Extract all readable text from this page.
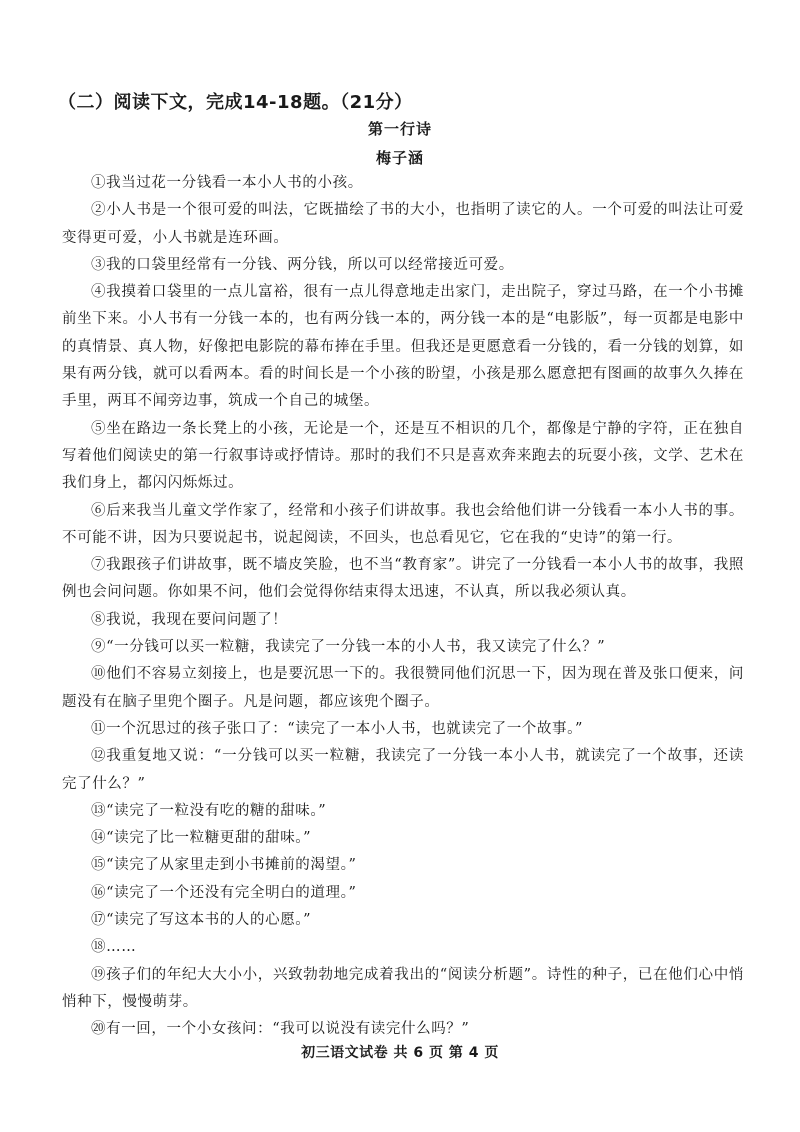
（二）阅读下文，完成14-18题。（21分）
第一行诗
梅子涵

①我当过花一分钱看一本小人书的小孩。

②小人书是一个很可爱的叫法，它既描绘了书的大小，也指明了读它的人。一个可爱的叫法让可爱变得更可爱，小人书就是连环画。

③我的口袋里经常有一分钱、两分钱，所以可以经常接近可爱。

④我摸着口袋里的一点儿富裕，很有一点儿得意地走出家门，走出院子，穿过马路，在一个小书摊前坐下来。小人书有一分钱一本的，也有两分钱一本的，两分钱一本的是“电影版”，每一页都是电影中的真情景、真人物，好像把电影院的幕布捧在手里。但我还是更愿意看一分钱的，看一分钱的划算，如果有两分钱，就可以看两本。看的时间长是一个小孩的盼望，小孩是那么愿意把有图画的故事久久捧在手里，两耳不闻旁边事，筑成一个自己的城堡。

⑤坐在路边一条长凳上的小孩，无论是一个，还是互不相识的几个，都像是宁静的字符，正在独自写着他们阅读史的第一行叙事诗或抒情诗。那时的我们不只是喜欢奔来跑去的玩耍小孩，文学、艺术在我们身上，都闪闪烁烁过。

⑥后来我当儿童文学作家了，经常和小孩子们讲故事。我也会给他们讲一分钱看一本小人书的事。不可能不讲，因为只要说起书，说起阅读，不回头，也总看见它，它在我的“史诗”的第一行。

⑦我跟孩子们讲故事，既不墙皮笑脸，也不当“教育家”。讲完了一分钱看一本小人书的故事，我照例也会问问题。你如果不问，他们会觉得你结束得太迅速，不认真，所以我必须认真。

⑧我说，我现在要问问题了！

⑨“一分钱可以买一粒糖，我读完了一分钱一本的小人书，我又读完了什么？”

⑩他们不容易立刻接上，也是要沉思一下的。我很赞同他们沉思一下，因为现在普及张口便来，问题没有在脑子里兜个圈子。凡是问题，都应该兜个圈子。

⑪一个沉思过的孩子张口了：“读完了一本小人书，也就读完了一个故事。”

⑫我重复地又说：“一分钱可以买一粒糖，我读完了一分钱一本小人书，就读完了一个故事，还读完了什么？”

⑬“读完了一粒没有吃的糖的甜味。”

⑭“读完了比一粒糖更甜的甜味。”

⑮“读完了从家里走到小书摊前的渴望。”

⑯“读完了一个还没有完全明白的道理。”

⑰“读完了写这本书的人的心愿。”

⑱……

⑲孩子们的年纪大大小小，兴致勃勃地完成着我出的“阅读分析题”。诗性的种子，已在他们心中悄悄种下，慢慢萌芽。

⑳有一回，一个小女孩问：“我可以说没有读完什么吗？”

初三语文试卷 共 6 页 第 4 页
